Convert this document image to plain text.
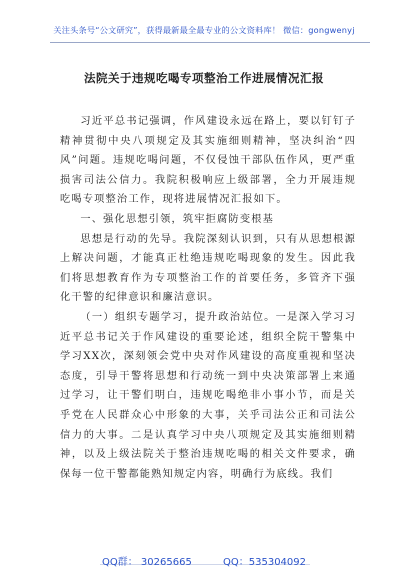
关注头条号“公文研究”，获得最新最全最专业的公文资料库！ 微信：gongwenyj
法院关于违规吃喝专项整治工作进展情况汇报

习近平总书记强调，作风建设永远在路上，要以钉钉子精神贯彻中央八项规定及其实施细则精神，坚决纠治“四风”问题。违规吃喝问题，不仅侵蚀干部队伍作风，更严重损害司法公信力。我院积极响应上级部署，全力开展违规吃喝专项整治工作，现将进展情况汇报如下。

一、强化思想引领，筑牢拒腐防变根基

思想是行动的先导。我院深刻认识到，只有从思想根源上解决问题，才能真正杜绝违规吃喝现象的发生。因此我们将思想教育作为专项整治工作的首要任务，多管齐下强化干警的纪律意识和廉洁意识。

（一）组织专题学习，提升政治站位。一是深入学习习近平总书记关于作风建设的重要论述，组织全院干警集中学习XX次，深刻领会党中央对作风建设的高度重视和坚决态度，引导干警将思想和行动统一到中央决策部署上来通过学习，让干警们明白，违规吃喝绝非小事小节，而是关乎党在人民群众心中形象的大事，关乎司法公正和司法公信力的大事。二是认真学习中央八项规定及其实施细则精神，以及上级法院关于整治违规吃喝的相关文件要求，确保每一位干警都能熟知规定内容，明确行为底线。我们

QQ群： 30265665	QQ：535304092
